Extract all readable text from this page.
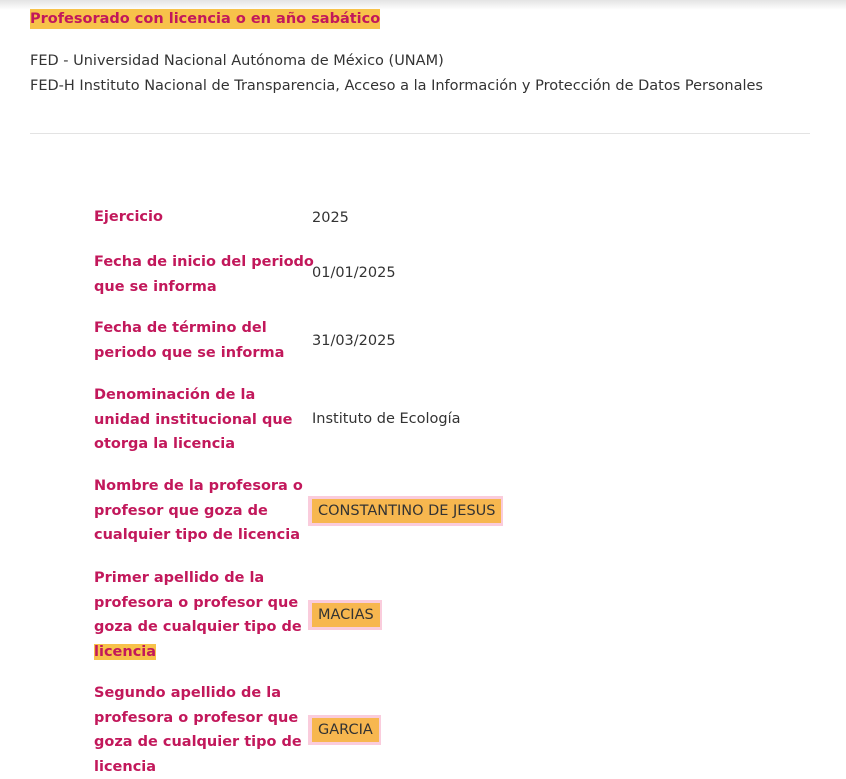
Profesorado con licencia o en año sabático
FED - Universidad Nacional Autónoma de México (UNAM)
FED-H Instituto Nacional de Transparencia, Acceso a la Información y Protección de Datos Personales
Ejercicio	2025
Fecha de inicio del periodo que se informa
01/01/2025
Fecha de término del periodo que se informa
31/03/2025
Denominación de la unidad institucional que otorga la licencia
Instituto de Ecología
Nombre de la profesora o profesor que goza de cualquier tipo de licencia
CONSTANTINO DE JESUS
Primer apellido de la profesora o profesor que goza de cualquier tipo de licencia
MACIAS
Segundo apellido de la profesora o profesor que goza de cualquier tipo de licencia
GARCIA
